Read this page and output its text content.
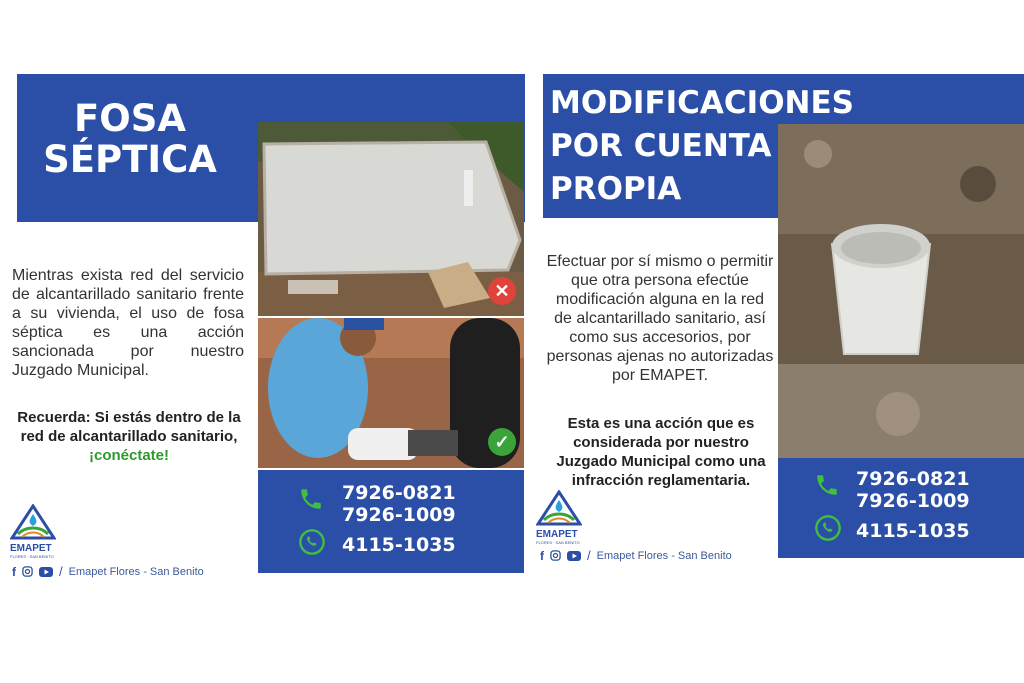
FOSA
SÉPTICA
✕
✓
Mientras exista red del servicio de alcantarillado sanitario frente a su vivienda, el uso de fosa séptica es una acción sancionada por nuestro Juzgado Municipal.
Recuerda: Si estás dentro de la red de alcantarillado sanitario, ¡conéctate!
7926-0821
7926-1009
4115-1035
EMAPET
FLORES · SAN BENITO
f	/ Emapet Flores - San Benito
MODIFICACIONES
POR CUENTA
PROPIA
Efectuar por sí mismo o permitir que otra persona efectúe modificación alguna en la red de alcantarillado sanitario, así como sus accesorios, por personas ajenas no autorizadas por EMAPET.
Esta es una acción que es considerada por nuestro Juzgado Municipal como una infracción reglamentaria.	7926-0821
7926-1009
4115-1035
EMAPET
FLORES · SAN BENITO
f	/ Emapet Flores - San Benito
